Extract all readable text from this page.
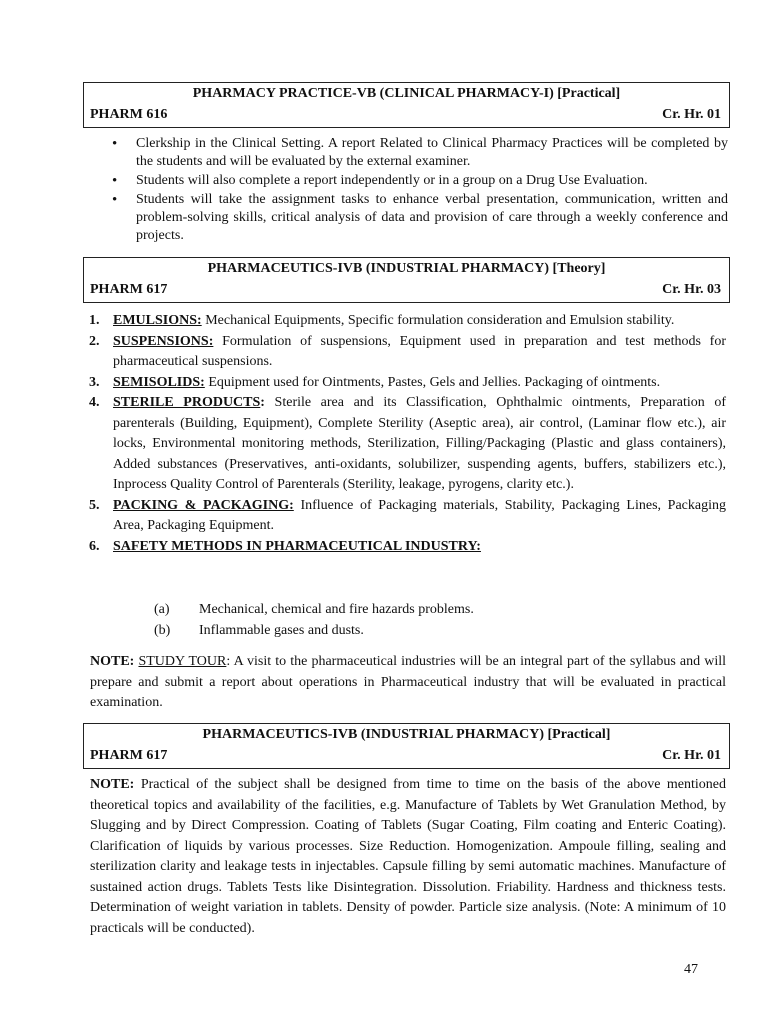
PHARMACY PRACTICE-VB (CLINICAL PHARMACY-I) [Practical]
PHARM 616	Cr. Hr. 01
• Clerkship in the Clinical Setting. A report Related to Clinical Pharmacy Practices will be completed by the students and will be evaluated by the external examiner.
• Students will also complete a report independently or in a group on a Drug Use Evaluation.
• Students will take the assignment tasks to enhance verbal presentation, communication, written and problem-solving skills, critical analysis of data and provision of care through a weekly conference and projects.
PHARMACEUTICS-IVB (INDUSTRIAL PHARMACY) [Theory]
PHARM 617	Cr. Hr. 03
1. EMULSIONS: Mechanical Equipments, Specific formulation consideration and Emulsion stability.
2. SUSPENSIONS: Formulation of suspensions, Equipment used in preparation and test methods for pharmaceutical suspensions.
3. SEMISOLIDS: Equipment used for Ointments, Pastes, Gels and Jellies. Packaging of ointments.
4. STERILE PRODUCTS: Sterile area and its Classification, Ophthalmic ointments, Preparation of parenterals (Building, Equipment), Complete Sterility (Aseptic area), air control, (Laminar flow etc.), air locks, Environmental monitoring methods, Sterilization, Filling/Packaging (Plastic and glass containers), Added substances (Preservatives, anti-oxidants, solubilizer, suspending agents, buffers, stabilizers etc.), Inprocess Quality Control of Parenterals (Sterility, leakage, pyrogens, clarity etc.).
5. PACKING & PACKAGING: Influence of Packaging materials, Stability, Packaging Lines, Packaging Area, Packaging Equipment.
6. SAFETY METHODS IN PHARMACEUTICAL INDUSTRY:
(a) Mechanical, chemical and fire hazards problems.
(b) Inflammable gases and dusts.

NOTE: STUDY TOUR: A visit to the pharmaceutical industries will be an integral part of the syllabus and will prepare and submit a report about operations in Pharmaceutical industry that will be evaluated in practical examination.

PHARMACEUTICS-IVB (INDUSTRIAL PHARMACY) [Practical]
PHARM 617	Cr. Hr. 01

NOTE: Practical of the subject shall be designed from time to time on the basis of the above mentioned theoretical topics and availability of the facilities, e.g. Manufacture of Tablets by Wet Granulation Method, by Slugging and by Direct Compression. Coating of Tablets (Sugar Coating, Film coating and Enteric Coating). Clarification of liquids by various processes. Size Reduction. Homogenization. Ampoule filling, sealing and sterilization clarity and leakage tests in injectables. Capsule filling by semi automatic machines. Manufacture of sustained action drugs. Tablets Tests like Disintegration. Dissolution. Friability. Hardness and thickness tests. Determination of weight variation in tablets. Density of powder. Particle size analysis. (Note: A minimum of 10 practicals will be conducted).

47
